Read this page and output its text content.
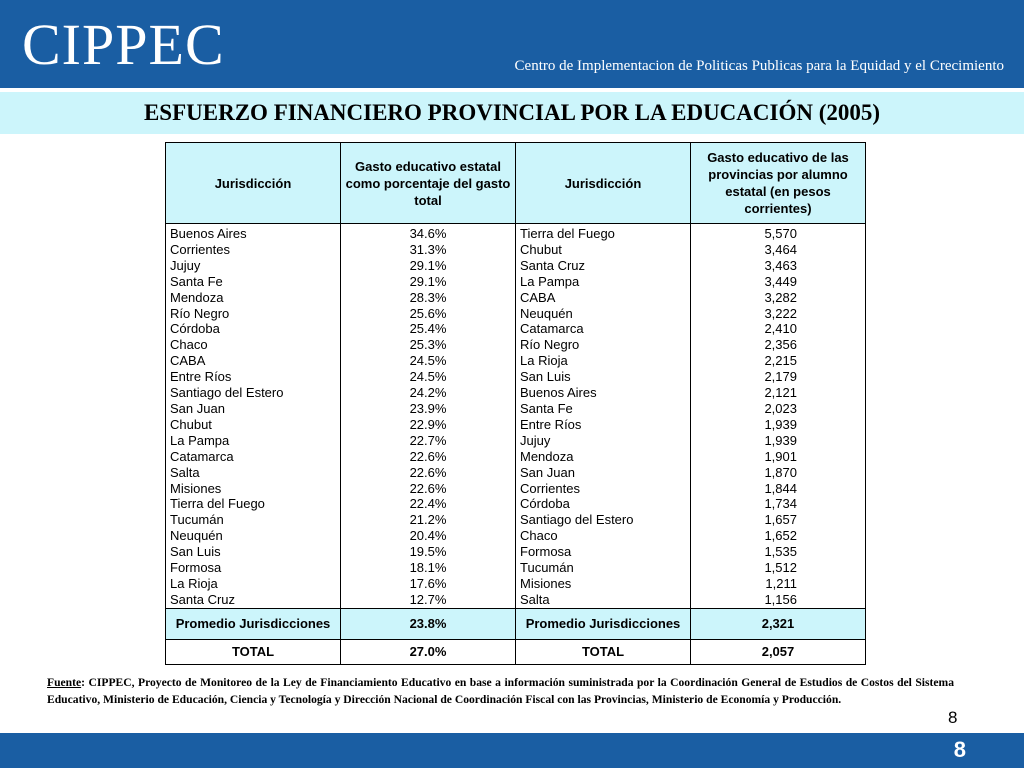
CIPPEC	Centro de Implementacion de Politicas Publicas para la Equidad y el Crecimiento
ESFUERZO FINANCIERO PROVINCIAL POR LA EDUCACIÓN (2005)
Jurisdicción	Gasto educativo estatal como porcentaje del gasto total	Jurisdicción	Gasto educativo de las provincias por alumno estatal (en pesos corrientes)
Buenos Aires	34.6%	Tierra del Fuego	5,570
Corrientes	31.3%	Chubut	3,464
Jujuy	29.1%	Santa Cruz	3,463
Santa Fe	29.1%	La Pampa	3,449
Mendoza	28.3%	CABA	3,282
Río Negro	25.6%	Neuquén	3,222
Córdoba	25.4%	Catamarca	2,410
Chaco	25.3%	Río Negro	2,356
CABA	24.5%	La Rioja	2,215
Entre Ríos	24.5%	San Luis	2,179
Santiago del Estero	24.2%	Buenos Aires	2,121
San Juan	23.9%	Santa Fe	2,023
Chubut	22.9%	Entre Ríos	1,939
La Pampa	22.7%	Jujuy	1,939
Catamarca	22.6%	Mendoza	1,901
Salta	22.6%	San Juan	1,870
Misiones	22.6%	Corrientes	1,844
Tierra del Fuego	22.4%	Córdoba	1,734
Tucumán	21.2%	Santiago del Estero	1,657
Neuquén	20.4%	Chaco	1,652
San Luis	19.5%	Formosa	1,535
Formosa	18.1%	Tucumán	1,512
La Rioja	17.6%	Misiones	1,211
Santa Cruz	12.7%	Salta	1,156
Promedio Jurisdicciones	23.8%	Promedio Jurisdicciones	2,321
TOTAL	27.0%	TOTAL	2,057
Fuente: CIPPEC, Proyecto de Monitoreo de la Ley de Financiamiento Educativo en base a información suministrada por la Coordinación General de Estudios de Costos del Sistema Educativo, Ministerio de Educación, Ciencia y Tecnología y Dirección Nacional de Coordinación Fiscal con las Provincias, Ministerio de Economía y Producción.
8
8
